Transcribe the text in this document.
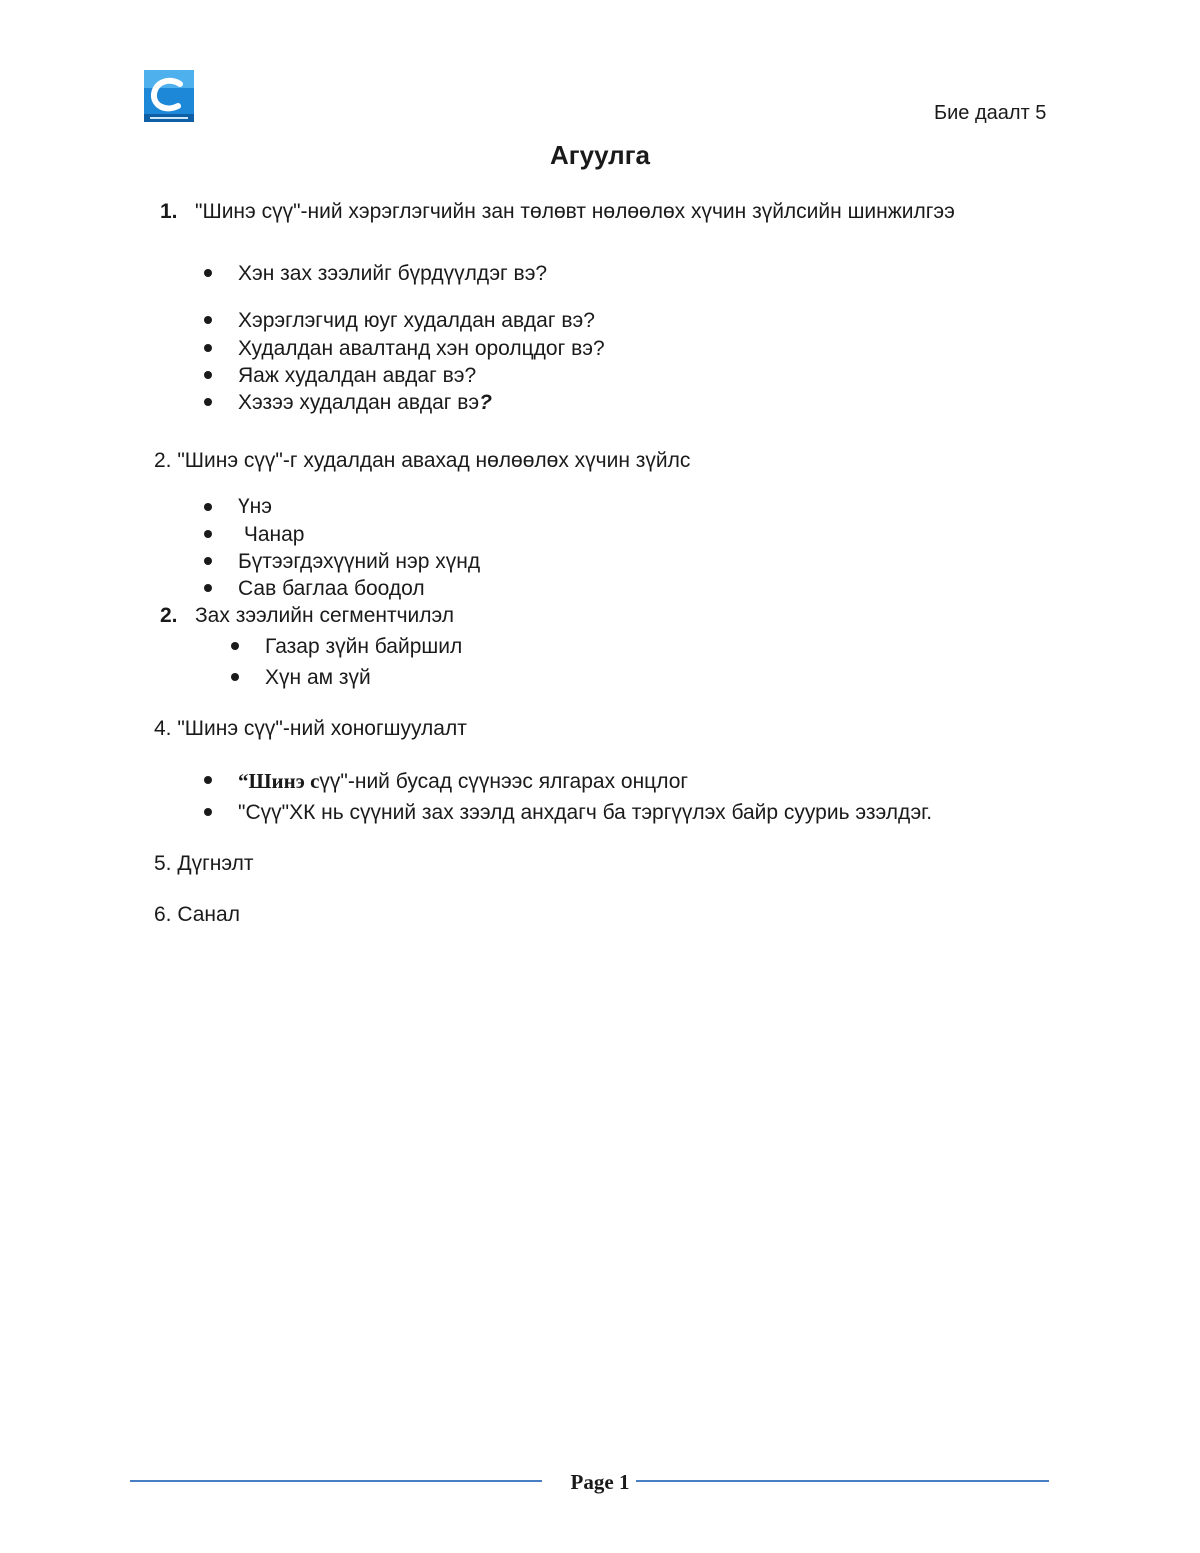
Бие даалт 5
Агуулга
1. "Шинэ сүү"-ний хэрэглэгчийн зан төлөвт нөлөөлөх хүчин зүйлсийн шинжилгээ
Хэн зах зээлийг бүрдүүлдэг вэ?
Хэрэглэгчид юуг худалдан авдаг вэ?
Худалдан авалтанд хэн оролцдог вэ?
Яаж худалдан авдаг вэ?
Хэзээ худалдан авдаг вэ?
2. "Шинэ сүү"-г худалдан авахад нөлөөлөх хүчин зүйлс
Үнэ
Чанар
Бүтээгдэхүүний нэр хүнд
Сав баглаа боодол
2. Зах зээлийн сегментчилэл
Газар зүйн байршил
Хүн ам зүй
4. "Шинэ сүү"-ний хоногшуулалт
“Шинэ сүү"-ний бусад сүүнээс ялгарах онцлог
"Сүү"ХК нь сүүний зах зээлд анхдагч ба тэргүүлэх байр сууриь эзэлдэг.
5. Дүгнэлт
6. Санал
Page 1
